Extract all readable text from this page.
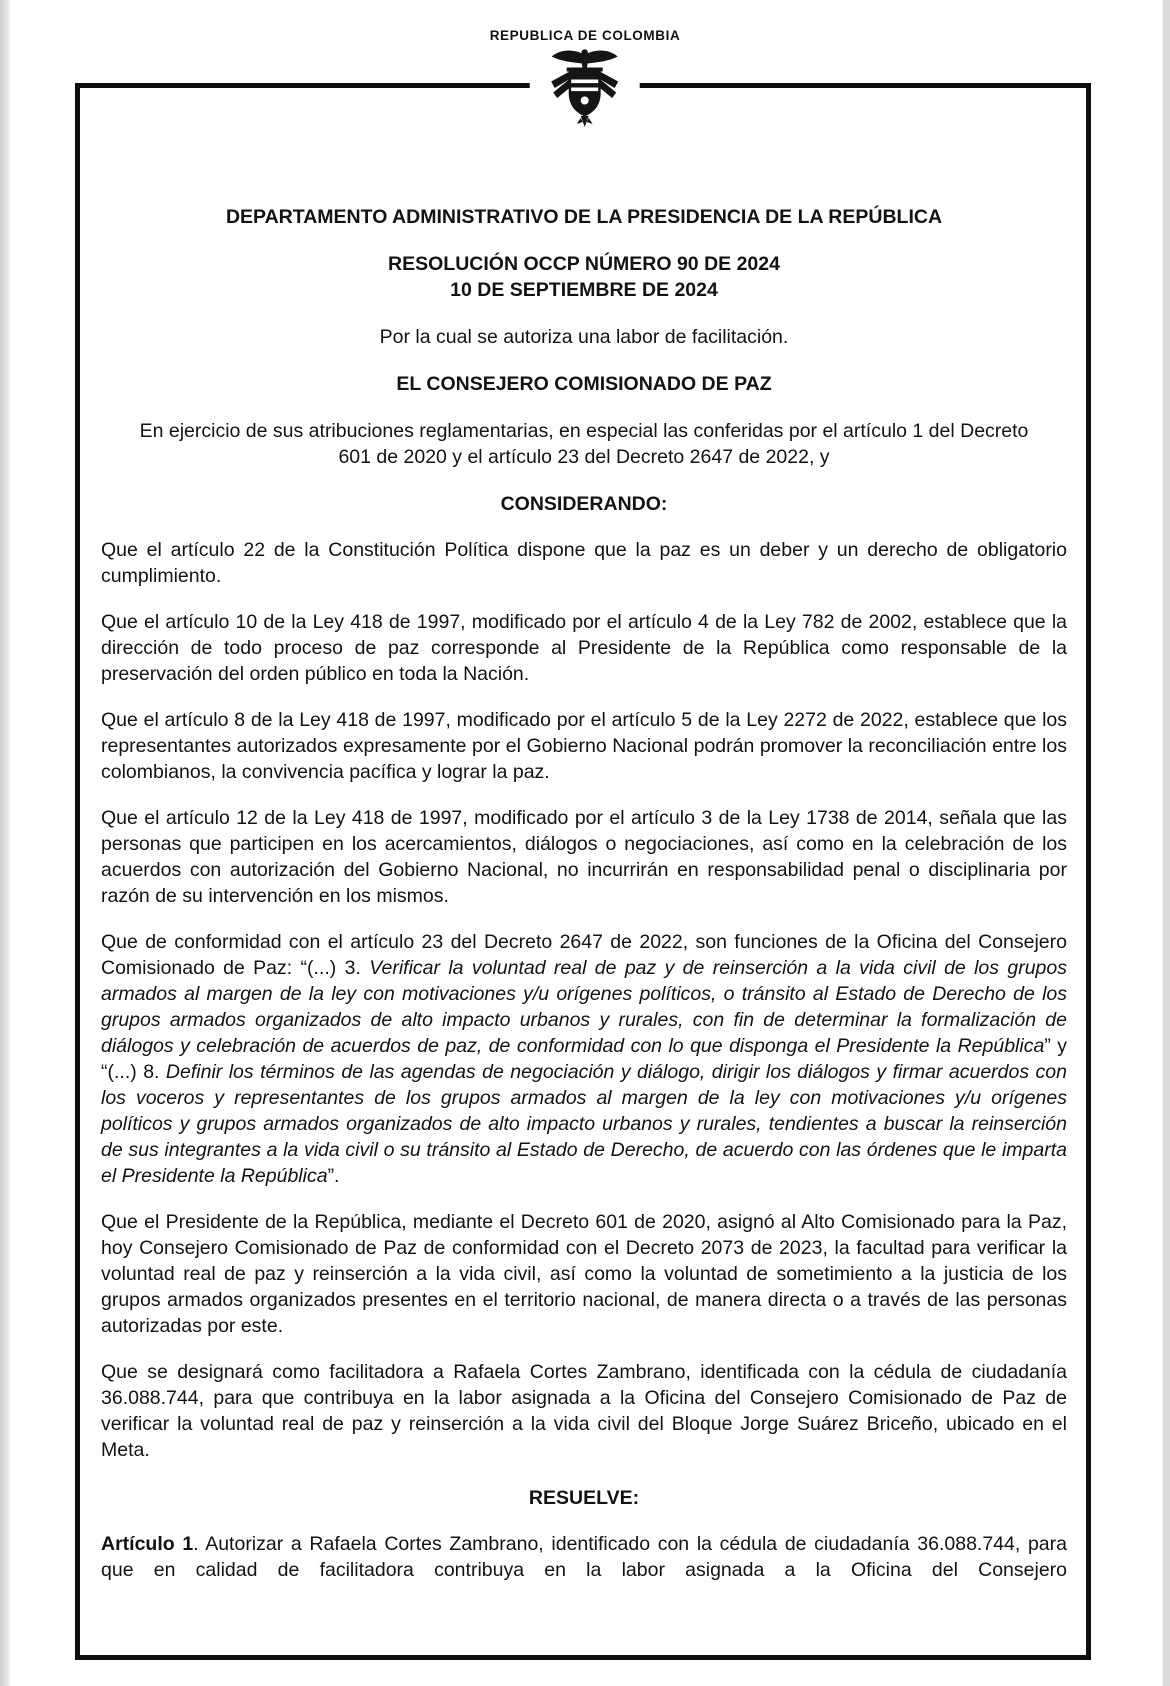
REPUBLICA DE COLOMBIA

DEPARTAMENTO ADMINISTRATIVO DE LA PRESIDENCIA DE LA REPÚBLICA
RESOLUCIÓN OCCP NÚMERO 90 DE 2024
10 DE SEPTIEMBRE DE 2024
Por la cual se autoriza una labor de facilitación.
EL CONSEJERO COMISIONADO DE PAZ
En ejercicio de sus atribuciones reglamentarias, en especial las conferidas por el artículo 1 del Decreto 601 de 2020 y el artículo 23 del Decreto 2647 de 2022, y
CONSIDERANDO:

Que el artículo 22 de la Constitución Política dispone que la paz es un deber y un derecho de obligatorio cumplimiento.

Que el artículo 10 de la Ley 418 de 1997, modificado por el artículo 4 de la Ley 782 de 2002, establece que la dirección de todo proceso de paz corresponde al Presidente de la República como responsable de la preservación del orden público en toda la Nación.

Que el artículo 8 de la Ley 418 de 1997, modificado por el artículo 5 de la Ley 2272 de 2022, establece que los representantes autorizados expresamente por el Gobierno Nacional podrán promover la reconciliación entre los colombianos, la convivencia pacífica y lograr la paz.

Que el artículo 12 de la Ley 418 de 1997, modificado por el artículo 3 de la Ley 1738 de 2014, señala que las personas que participen en los acercamientos, diálogos o negociaciones, así como en la celebración de los acuerdos con autorización del Gobierno Nacional, no incurrirán en responsabilidad penal o disciplinaria por razón de su intervención en los mismos.

Que de conformidad con el artículo 23 del Decreto 2647 de 2022, son funciones de la Oficina del Consejero Comisionado de Paz: “(...) 3. Verificar la voluntad real de paz y de reinserción a la vida civil de los grupos armados al margen de la ley con motivaciones y/u orígenes políticos, o tránsito al Estado de Derecho de los grupos armados organizados de alto impacto urbanos y rurales, con fin de determinar la formalización de diálogos y celebración de acuerdos de paz, de conformidad con lo que disponga el Presidente la República” y “(...) 8. Definir los términos de las agendas de negociación y diálogo, dirigir los diálogos y firmar acuerdos con los voceros y representantes de los grupos armados al margen de la ley con motivaciones y/u orígenes políticos y grupos armados organizados de alto impacto urbanos y rurales, tendientes a buscar la reinserción de sus integrantes a la vida civil o su tránsito al Estado de Derecho, de acuerdo con las órdenes que le imparta el Presidente la República”.

Que el Presidente de la República, mediante el Decreto 601 de 2020, asignó al Alto Comisionado para la Paz, hoy Consejero Comisionado de Paz de conformidad con el Decreto 2073 de 2023, la facultad para verificar la voluntad real de paz y reinserción a la vida civil, así como la voluntad de sometimiento a la justicia de los grupos armados organizados presentes en el territorio nacional, de manera directa o a través de las personas autorizadas por este.

Que se designará como facilitadora a Rafaela Cortes Zambrano, identificada con la cédula de ciudadanía 36.088.744, para que contribuya en la labor asignada a la Oficina del Consejero Comisionado de Paz de verificar la voluntad real de paz y reinserción a la vida civil del Bloque Jorge Suárez Briceño, ubicado en el Meta.

RESUELVE:

Artículo 1. Autorizar a Rafaela Cortes Zambrano, identificado con la cédula de ciudadanía 36.088.744, para que en calidad de facilitadora contribuya en la labor asignada a la Oficina del Consejero
